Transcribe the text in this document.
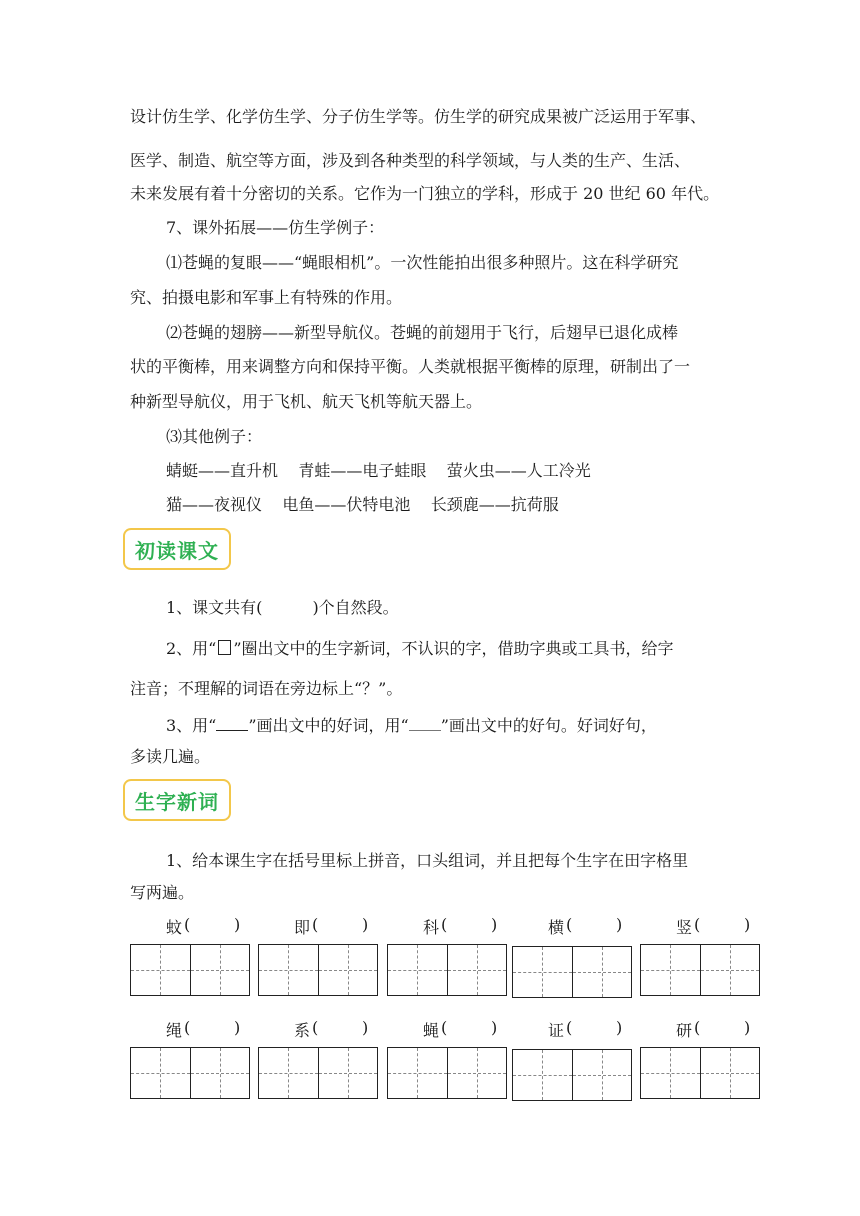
设计仿生学、化学仿生学、分子仿生学等。仿生学的研究成果被广泛运用于军事、
医学、制造、航空等方面，涉及到各种类型的科学领域，与人类的生产、生活、
未来发展有着十分密切的关系。它作为一门独立的学科，形成于 20 世纪 60 年代。
7、课外拓展——仿生学例子：
⑴苍蝇的复眼——“蝇眼相机”。一次性能拍出很多种照片。这在科学研究
究、拍摄电影和军事上有特殊的作用。
⑵苍蝇的翅膀——新型导航仪。苍蝇的前翅用于飞行，后翅早已退化成棒
状的平衡棒，用来调整方向和保持平衡。人类就根据平衡棒的原理，研制出了一
种新型导航仪，用于飞机、航天飞机等航天器上。
⑶其他例子：
蜻蜓——直升机    青蛙——电子蛙眼    萤火虫——人工冷光
猫——夜视仪    电鱼——伏特电池    长颈鹿——抗荷服
初读课文
1、课文共有(	)个自然段。
2、用“ ”圈出文中的生字新词，不认识的字，借助字典或工具书，给字
注音；不理解的词语在旁边标上“？”。
3、用“ ”画出文中的好词，用“ ”画出文中的好句。好词好句，
多读几遍。
生字新词
1、给本课生字在括号里标上拼音，口头组词，并且把每个生字在田字格里
写两遍。
蚊 (	)	即 (	)	科 (	)	横 (	)	竖 (	)
绳 (	)	系 (	)	蝇 (	)	证 (	)	研 (	)
